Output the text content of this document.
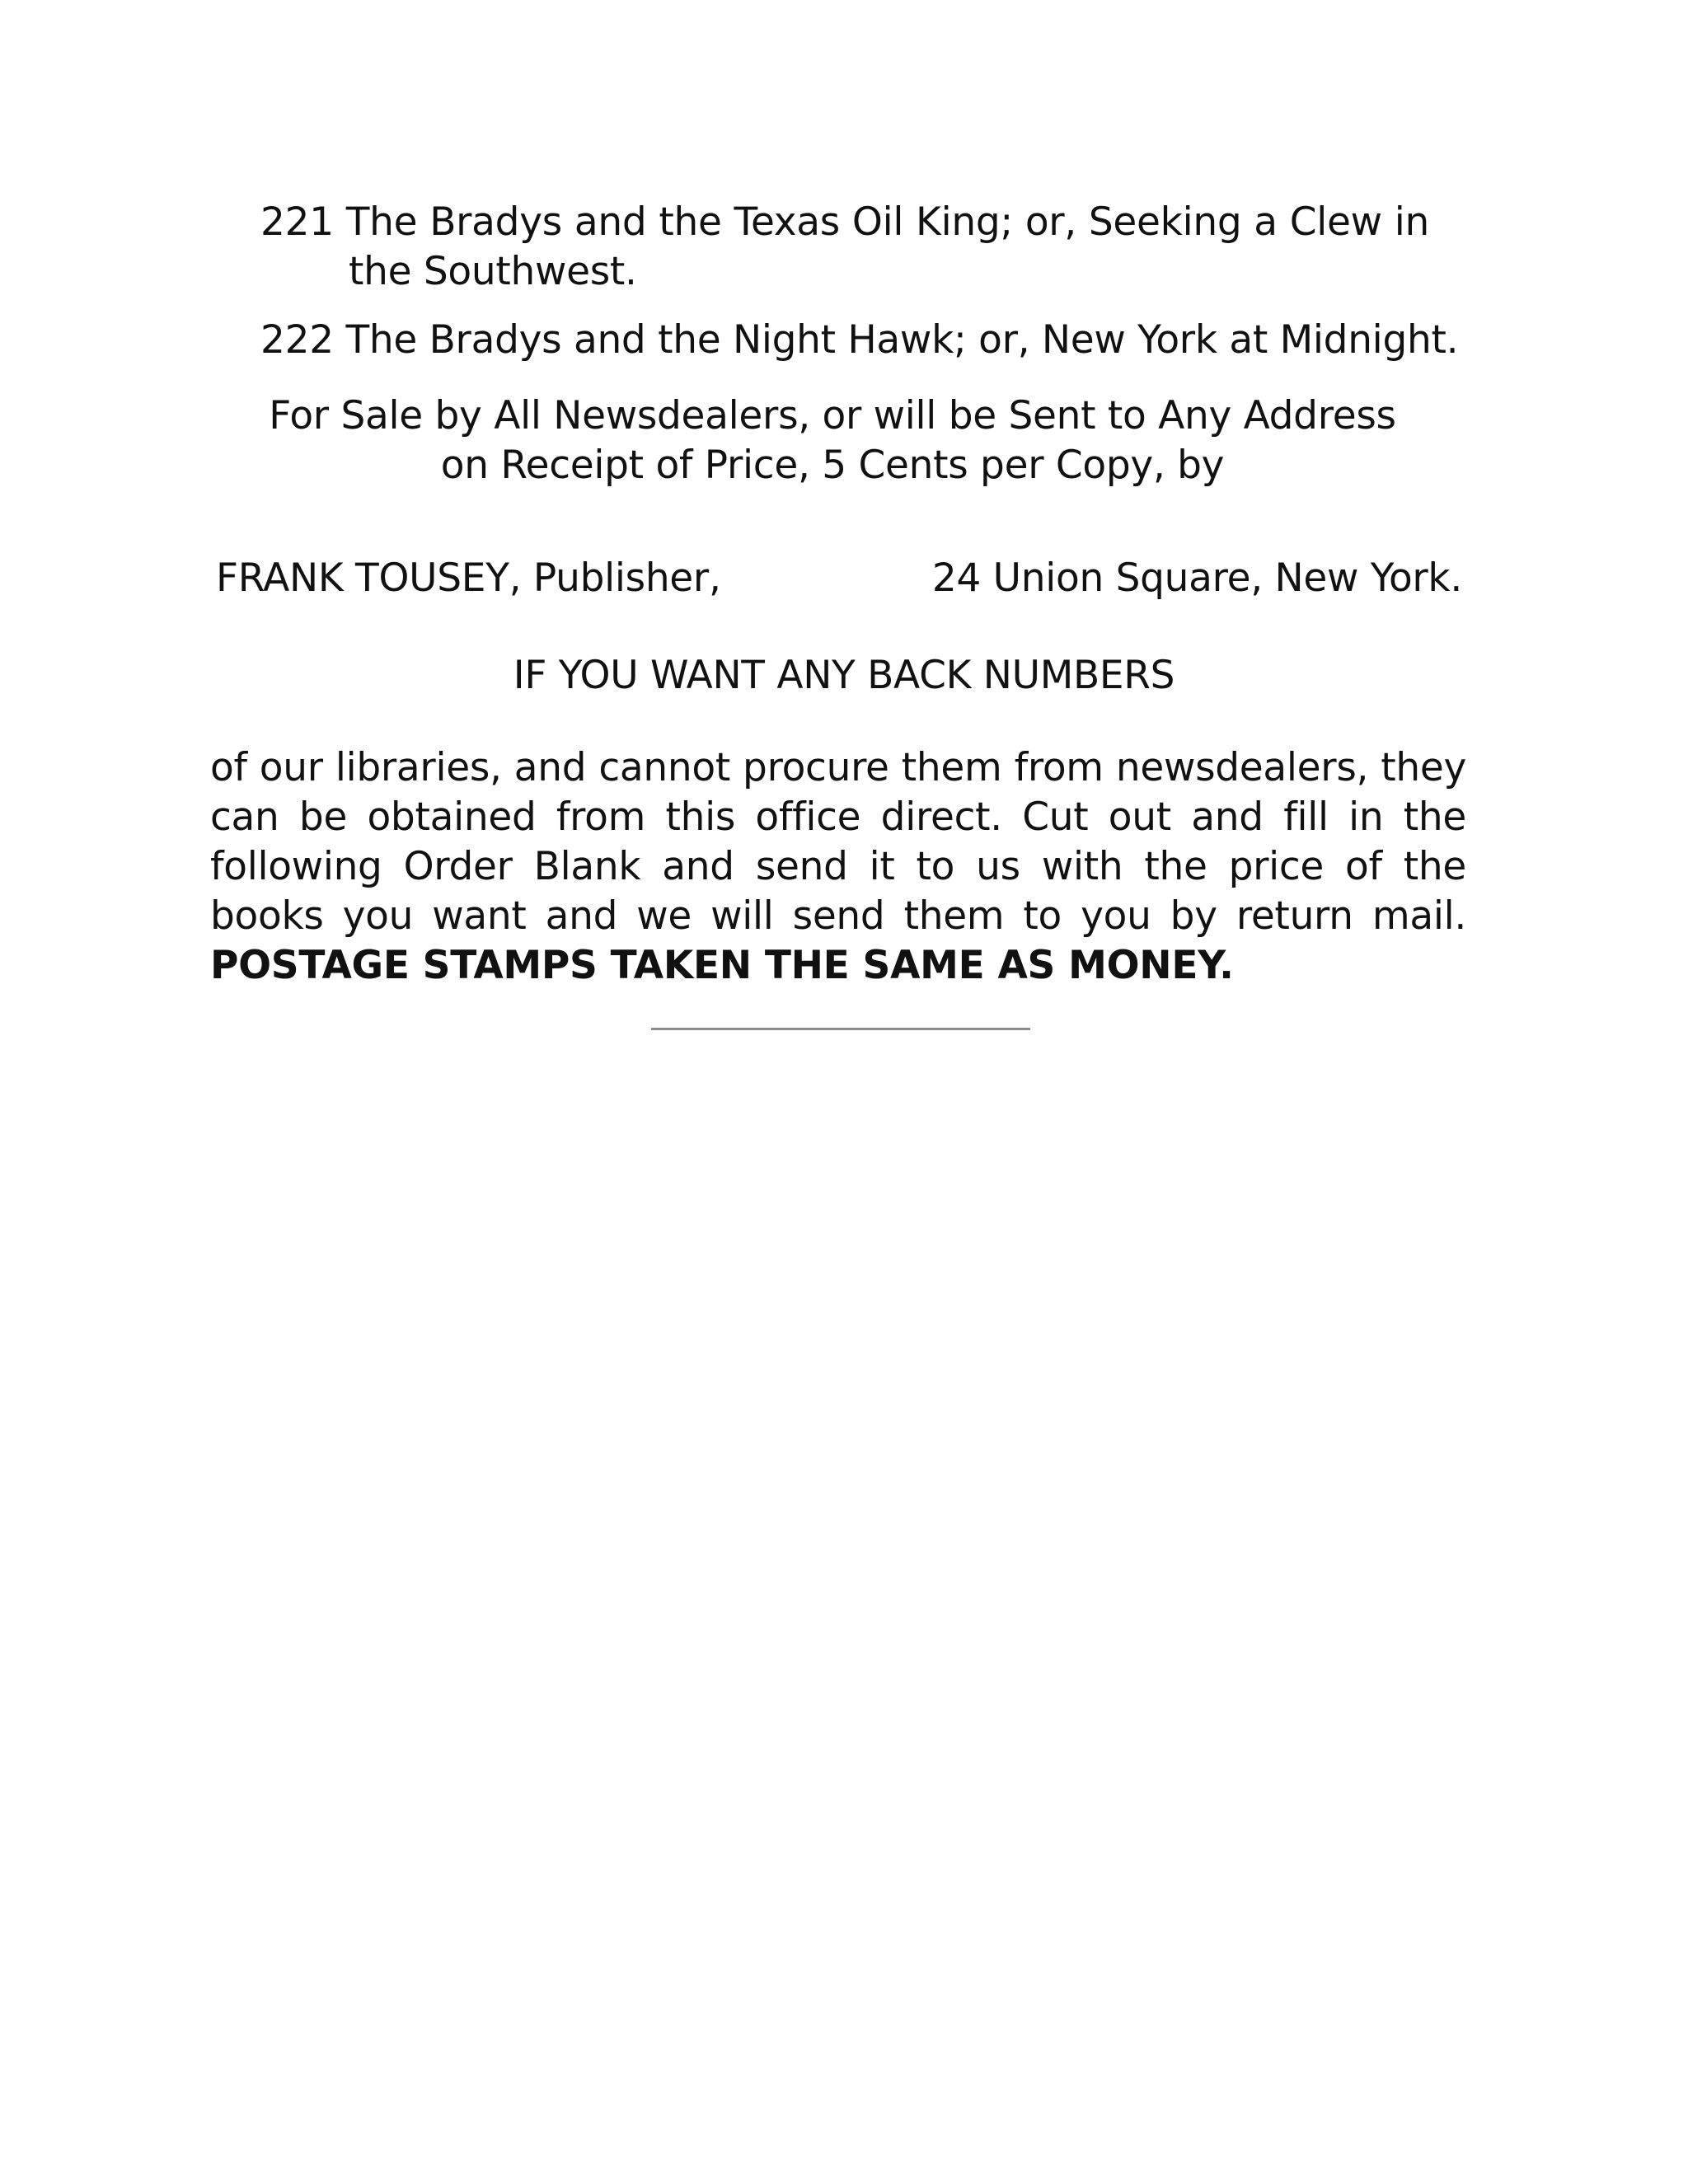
221 The Bradys and the Texas Oil King; or, Seeking a Clew in the Southwest.
222 The Bradys and the Night Hawk; or, New York at Midnight.
For Sale by All Newsdealers, or will be Sent to Any Address on Receipt of Price, 5 Cents per Copy, by
FRANK TOUSEY, Publisher,	24 Union Square, New York.
IF YOU WANT ANY BACK NUMBERS
of our libraries, and cannot procure them from newsdealers, they can be obtained from this office direct. Cut out and fill in the following Order Blank and send it to us with the price of the books you want and we will send them to you by return mail. POSTAGE STAMPS TAKEN THE SAME AS MONEY.
